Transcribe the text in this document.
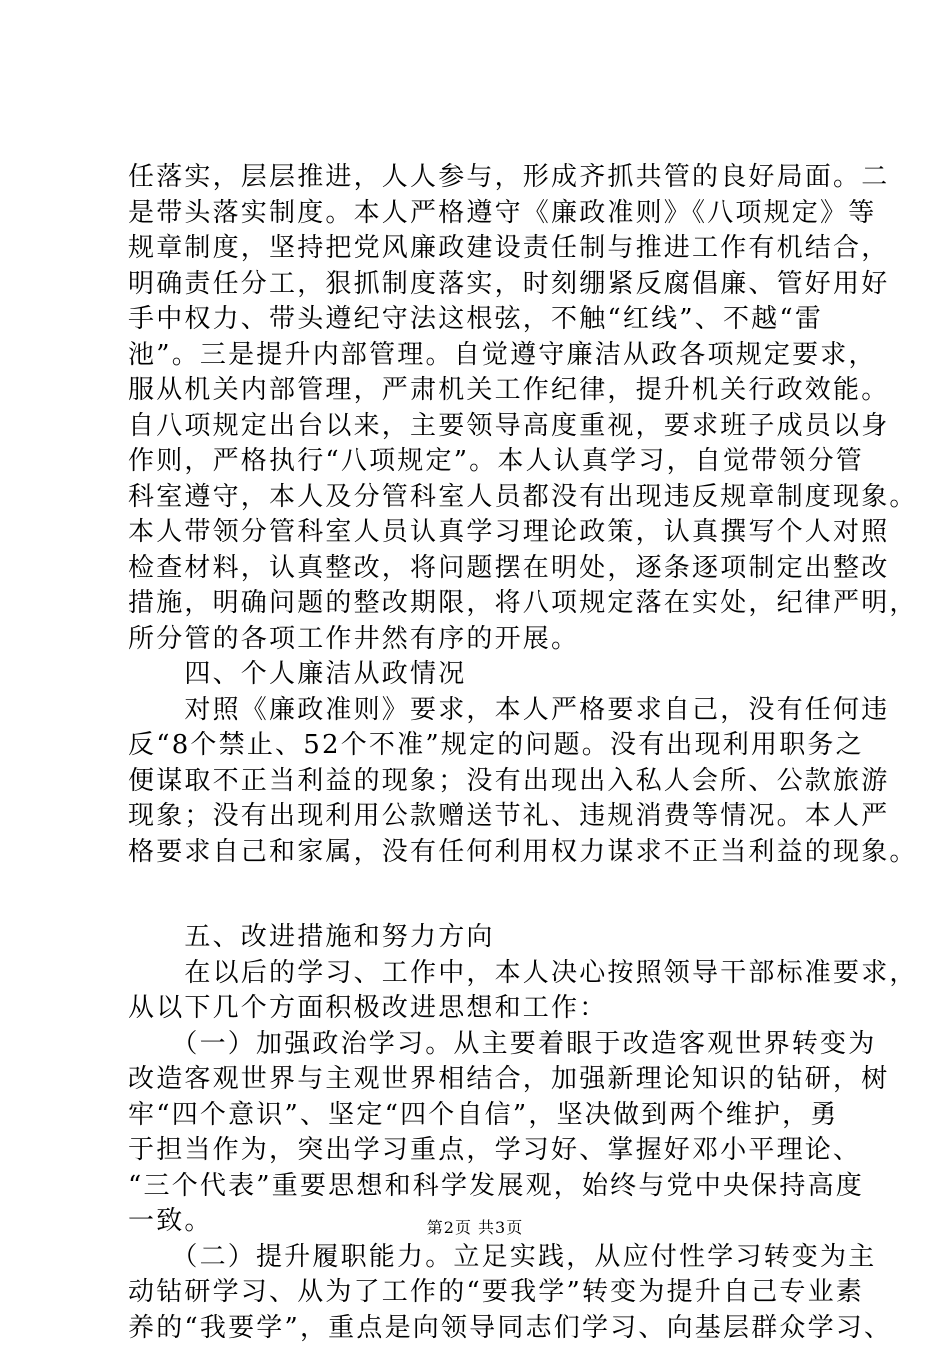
任落实，层层推进，人人参与，形成齐抓共管的良好局面。二
是带头落实制度。本人严格遵守《廉政准则》《八项规定》等
规章制度，坚持把党风廉政建设责任制与推进工作有机结合，
明确责任分工，狠抓制度落实，时刻绷紧反腐倡廉、管好用好
手中权力、带头遵纪守法这根弦，不触“红线”、不越“雷
池”。三是提升内部管理。自觉遵守廉洁从政各项规定要求，
服从机关内部管理，严肃机关工作纪律，提升机关行政效能。
自八项规定出台以来，主要领导高度重视，要求班子成员以身
作则，严格执行“八项规定”。本人认真学习，自觉带领分管
科室遵守，本人及分管科室人员都没有出现违反规章制度现象。
本人带领分管科室人员认真学习理论政策，认真撰写个人对照
检查材料，认真整改，将问题摆在明处，逐条逐项制定出整改
措施，明确问题的整改期限，将八项规定落在实处，纪律严明，
所分管的各项工作井然有序的开展。
　　四、个人廉洁从政情况
　　对照《廉政准则》要求，本人严格要求自己，没有任何违
反“8个禁止、52个不准”规定的问题。没有出现利用职务之
便谋取不正当利益的现象；没有出现出入私人会所、公款旅游
现象；没有出现利用公款赠送节礼、违规消费等情况。本人严
格要求自己和家属，没有任何利用权力谋求不正当利益的现象。
　　五、改进措施和努力方向
　　在以后的学习、工作中，本人决心按照领导干部标准要求，
从以下几个方面积极改进思想和工作：
　　（一）加强政治学习。从主要着眼于改造客观世界转变为
改造客观世界与主观世界相结合，加强新理论知识的钻研，树
牢“四个意识”、坚定“四个自信”，坚决做到两个维护，勇
于担当作为，突出学习重点，学习好、掌握好邓小平理论、
“三个代表”重要思想和科学发展观，始终与党中央保持高度
一致。
　　（二）提升履职能力。立足实践，从应付性学习转变为主
动钻研学习、从为了工作的“要我学”转变为提升自己专业素
养的“我要学”，重点是向领导同志们学习、向基层群众学习、
第2页 共3页
